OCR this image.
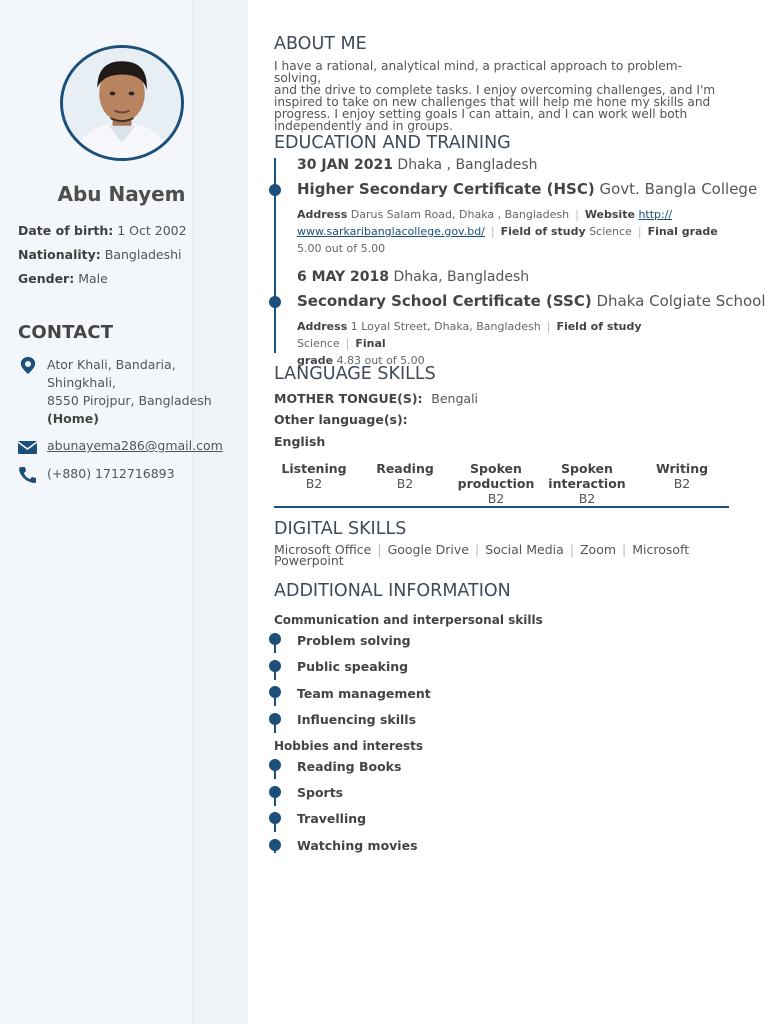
Abu Nayem
Date of birth: 1 Oct 2002
Nationality: Bangladeshi
Gender: Male
CONTACT
Ator Khali, Bandaria,
Shingkhali,
8550 Pirojpur, Bangladesh
(Home)
abunayema286@gmail.com
(+880) 1712716893
ABOUT ME
I have a rational, analytical mind, a practical approach to problem-solving,
and the drive to complete tasks. I enjoy overcoming challenges, and I'm
inspired to take on new challenges that will help me hone my skills and
progress. I enjoy setting goals I can attain, and I can work well both
independently and in groups.
EDUCATION AND TRAINING
30 JAN 2021 Dhaka , Bangladesh
Higher Secondary Certificate (HSC) Govt. Bangla College
Address Darus Salam Road, Dhaka , Bangladesh | Website http://
www.sarkaribanglacollege.gov.bd/ | Field of study Science | Final grade
5.00 out of 5.00
6 MAY 2018 Dhaka, Bangladesh
Secondary School Certificate (SSC) Dhaka Colgiate School
Address 1 Loyal Street, Dhaka, Bangladesh | Field of study Science | Final
grade 4.83 out of 5.00
LANGUAGE SKILLS
MOTHER TONGUE(S): Bengali
Other language(s):
English
Listening
B2
Reading
B2
Spoken
production
B2
Spoken
interaction
B2
Writing
B2
DIGITAL SKILLS
Microsoft Office | Google Drive | Social Media | Zoom | Microsoft
Powerpoint
ADDITIONAL INFORMATION
Communication and interpersonal skills
Problem solving
Public speaking
Team management
Influencing skills
Hobbies and interests
Reading Books
Sports
Travelling
Watching movies
